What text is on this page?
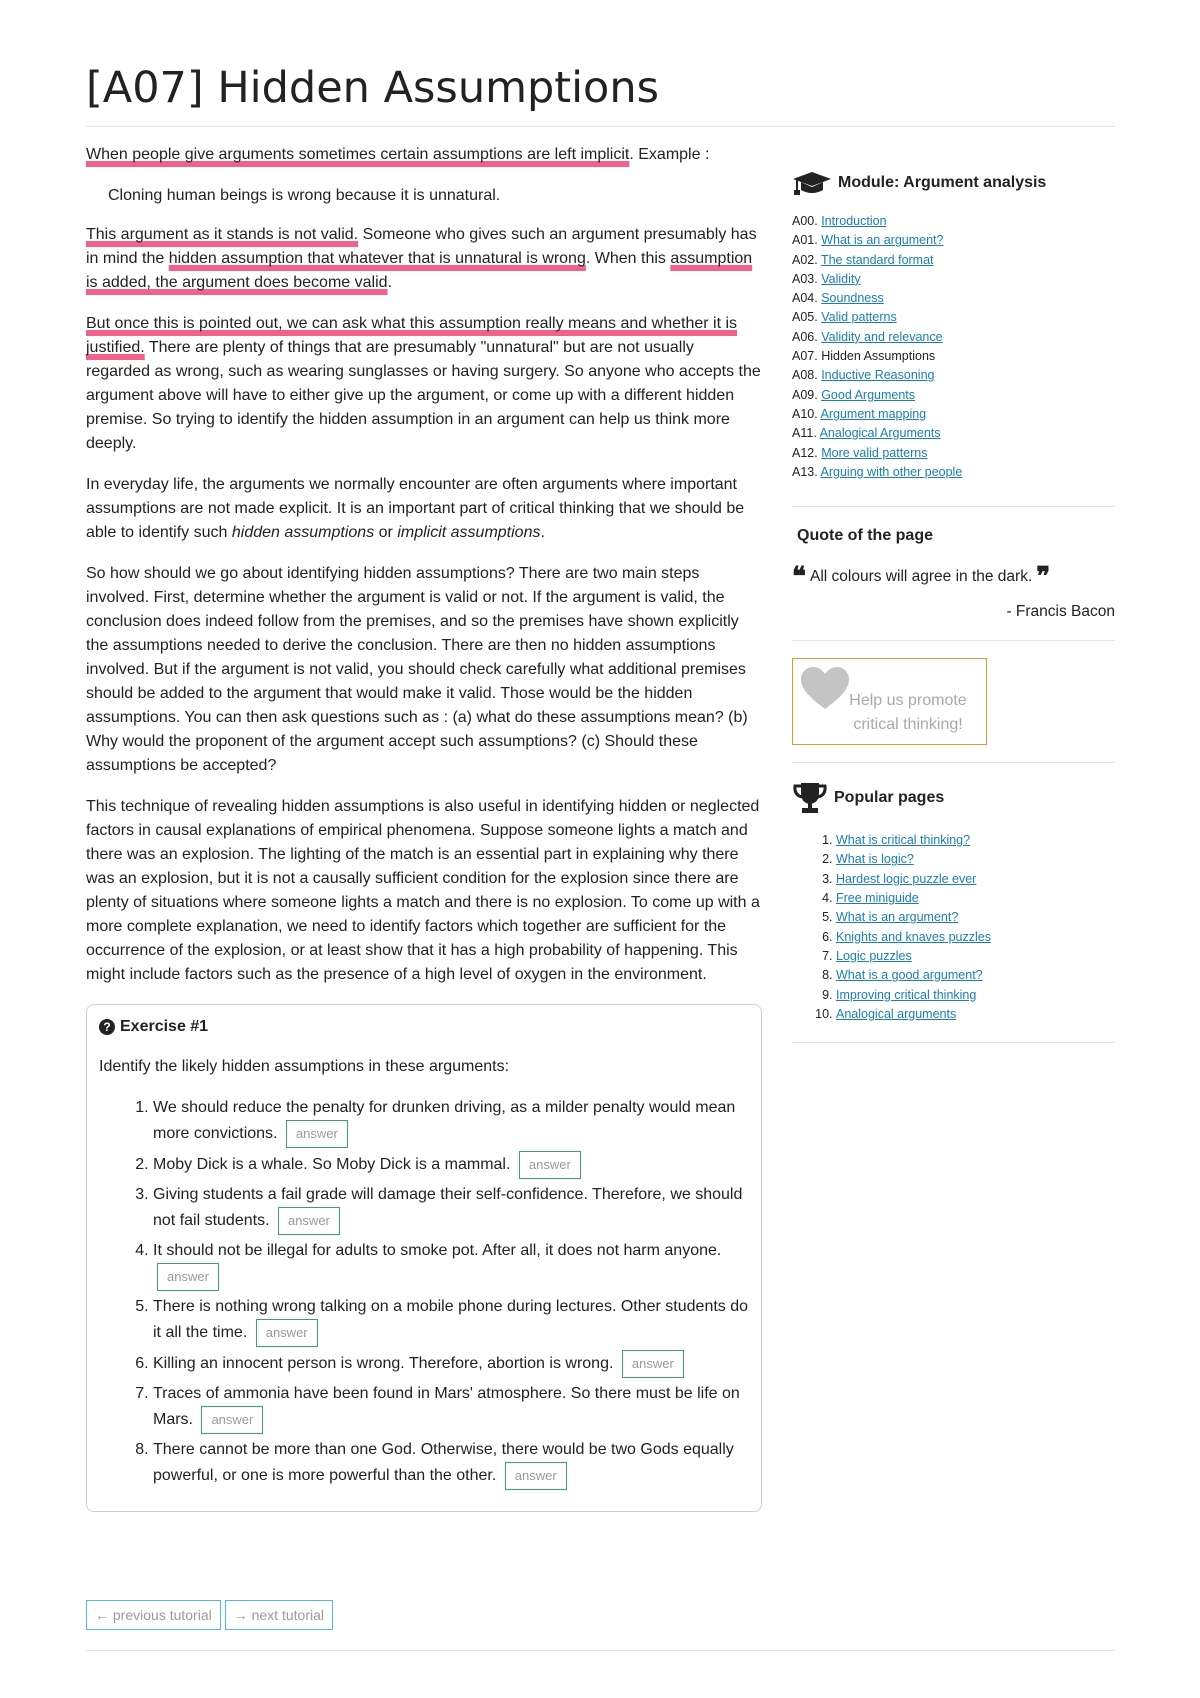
[A07] Hidden Assumptions

When people give arguments sometimes certain assumptions are left implicit. Example :

Cloning human beings is wrong because it is unnatural.

This argument as it stands is not valid. Someone who gives such an argument presumably has in mind the hidden assumption that whatever that is unnatural is wrong. When this assumption is added, the argument does become valid.

But once this is pointed out, we can ask what this assumption really means and whether it is justified. There are plenty of things that are presumably "unnatural" but are not usually regarded as wrong, such as wearing sunglasses or having surgery. So anyone who accepts the argument above will have to either give up the argument, or come up with a different hidden premise. So trying to identify the hidden assumption in an argument can help us think more deeply.

In everyday life, the arguments we normally encounter are often arguments where important assumptions are not made explicit. It is an important part of critical thinking that we should be able to identify such hidden assumptions or implicit assumptions.

So how should we go about identifying hidden assumptions? There are two main steps involved. First, determine whether the argument is valid or not. If the argument is valid, the conclusion does indeed follow from the premises, and so the premises have shown explicitly the assumptions needed to derive the conclusion. There are then no hidden assumptions involved. But if the argument is not valid, you should check carefully what additional premises should be added to the argument that would make it valid. Those would be the hidden assumptions. You can then ask questions such as : (a) what do these assumptions mean? (b) Why would the proponent of the argument accept such assumptions? (c) Should these assumptions be accepted?

This technique of revealing hidden assumptions is also useful in identifying hidden or neglected factors in causal explanations of empirical phenomena. Suppose someone lights a match and there was an explosion. The lighting of the match is an essential part in explaining why there was an explosion, but it is not a causally sufficient condition for the explosion since there are plenty of situations where someone lights a match and there is no explosion. To come up with a more complete explanation, we need to identify factors which together are sufficient for the occurrence of the explosion, or at least show that it has a high probability of happening. This might include factors such as the presence of a high level of oxygen in the environment.

? Exercise #1
Identify the likely hidden assumptions in these arguments:
1. We should reduce the penalty for drunken driving, as a milder penalty would mean more convictions. answer
2. Moby Dick is a whale. So Moby Dick is a mammal. answer
3. Giving students a fail grade will damage their self-confidence. Therefore, we should not fail students. answer
4. It should not be illegal for adults to smoke pot. After all, it does not harm anyone. answer
5. There is nothing wrong talking on a mobile phone during lectures. Other students do it all the time. answer
6. Killing an innocent person is wrong. Therefore, abortion is wrong. answer
7. Traces of ammonia have been found in Mars' atmosphere. So there must be life on Mars. answer
8. There cannot be more than one God. Otherwise, there would be two Gods equally powerful, or one is more powerful than the other. answer
← previous tutorial	→ next tutorial
Module: Argument analysis
A00. Introduction
A01. What is an argument?
A02. The standard format
A03. Validity
A04. Soundness
A05. Valid patterns
A06. Validity and relevance
A07. Hidden Assumptions
A08. Inductive Reasoning
A09. Good Arguments
A10. Argument mapping
A11. Analogical Arguments
A12. More valid patterns
A13. Arguing with other people
Quote of the page
❝ All colours will agree in the dark. ❞
- Francis Bacon
Help us promote critical thinking!
Popular pages
1. What is critical thinking?
2. What is logic?
3. Hardest logic puzzle ever
4. Free miniguide
5. What is an argument?
6. Knights and knaves puzzles
7. Logic puzzles
8. What is a good argument?
9. Improving critical thinking
10. Analogical arguments
